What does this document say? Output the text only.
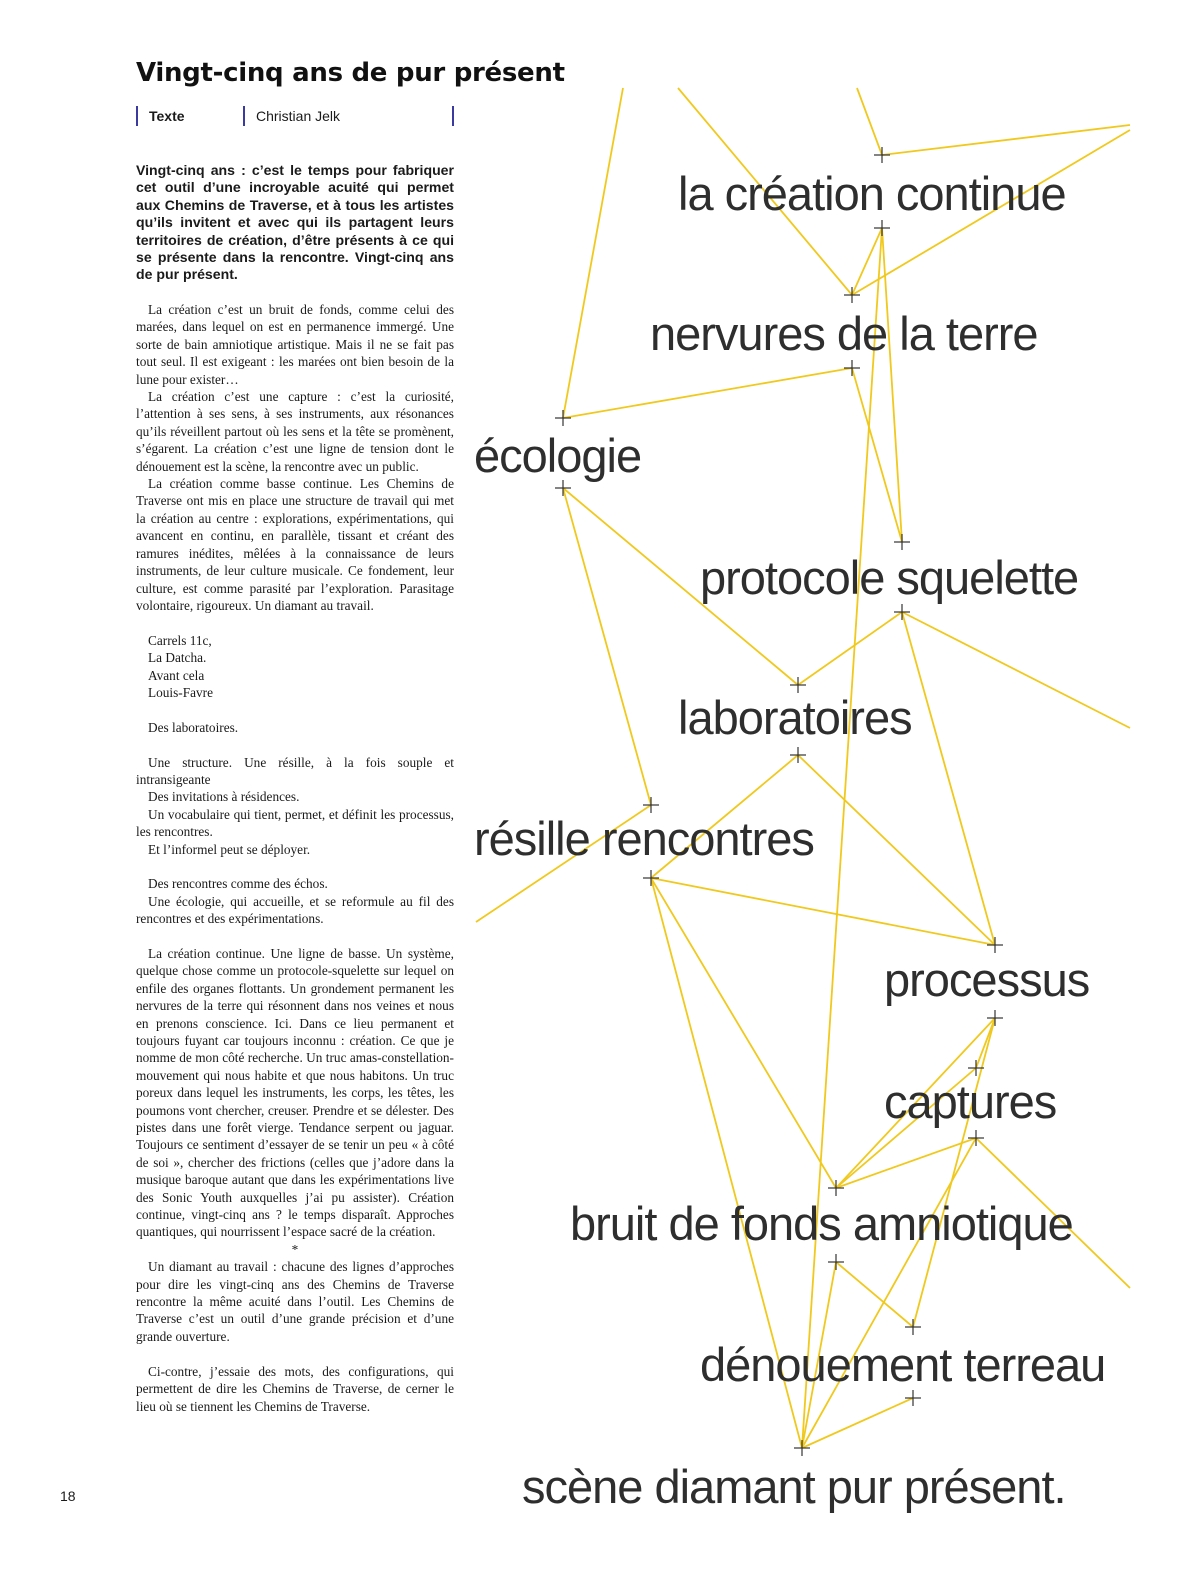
Vingt-cinq ans de pur présent
Texte	Christian Jelk

Vingt-cinq ans : c’est le temps pour fabriquer cet outil d’une incroyable acuité qui permet aux Chemins de Traverse, et à tous les artistes qu’ils invitent et avec qui ils partagent leurs territoires de création, d’être présents à ce qui se présente dans la rencontre. Vingt-cinq ans de pur présent.

La création c’est un bruit de fonds, comme celui des marées, dans lequel on est en permanence immergé. Une sorte de bain amniotique artistique. Mais il ne se fait pas tout seul. Il est exigeant : les marées ont bien besoin de la lune pour exister…

La création c’est une capture : c’est la curiosité, l’attention à ses sens, à ses instruments, aux résonances qu’ils réveillent partout où les sens et la tête se promènent, s’égarent. La création c’est une ligne de tension dont le dénouement est la scène, la rencontre avec un public.

La création comme basse continue. Les Chemins de Traverse ont mis en place une structure de travail qui met la création au centre : explorations, expérimentations, qui avancent en continu, en parallèle, tissant et créant des ramures inédites, mêlées à la connaissance de leurs instruments, de leur culture musicale. Ce fondement, leur culture, est comme parasité par l’exploration. Parasitage volontaire, rigoureux. Un diamant au travail.

Carrels 11c,

La Datcha.

Avant cela

Louis-Favre

Des laboratoires.

Une structure. Une résille, à la fois souple et intransigeante

Des invitations à résidences.

Un vocabulaire qui tient, permet, et définit les processus, les rencontres.

Et l’informel peut se déployer.

Des rencontres comme des échos.

Une écologie, qui accueille, et se reformule au fil des rencontres et des expérimentations.

La création continue. Une ligne de basse. Un système, quelque chose comme un protocole-squelette sur lequel on enfile des organes flottants. Un grondement permanent les nervures de la terre qui résonnent dans nos veines et nous en prenons conscience. Ici. Dans ce lieu permanent et toujours fuyant car toujours inconnu : création. Ce que je nomme de mon côté recherche. Un truc amas-constellation-mouvement qui nous habite et que nous habitons. Un truc poreux dans lequel les instruments, les corps, les têtes, les poumons vont chercher, creuser. Prendre et se délester. Des pistes dans une forêt vierge. Tendance serpent ou jaguar. Toujours ce sentiment d’essayer de se tenir un peu « à côté de soi », chercher des frictions (celles que j’adore dans la musique baroque autant que dans les expérimentations live des Sonic Youth auxquelles j’ai pu assister). Création continue, vingt-cinq ans ? le temps disparaît. Approches quantiques, qui nourrissent l’espace sacré de la création.

*

Un diamant au travail : chacune des lignes d’approches pour dire les vingt-cinq ans des Chemins de Traverse rencontre la même acuité dans l’outil. Les Chemins de Traverse c’est un outil d’une grande précision et d’une grande ouverture.

Ci-contre, j’essaie des mots, des configurations, qui permettent de dire les Chemins de Traverse, de cerner le lieu où se tiennent les Chemins de Traverse.

18
la création continue
nervures de la terre
écologie
protocole squelette
laboratoires
résille rencontres
processus
captures
bruit de fonds amniotique
dénouement terreau
scène diamant pur présent.
